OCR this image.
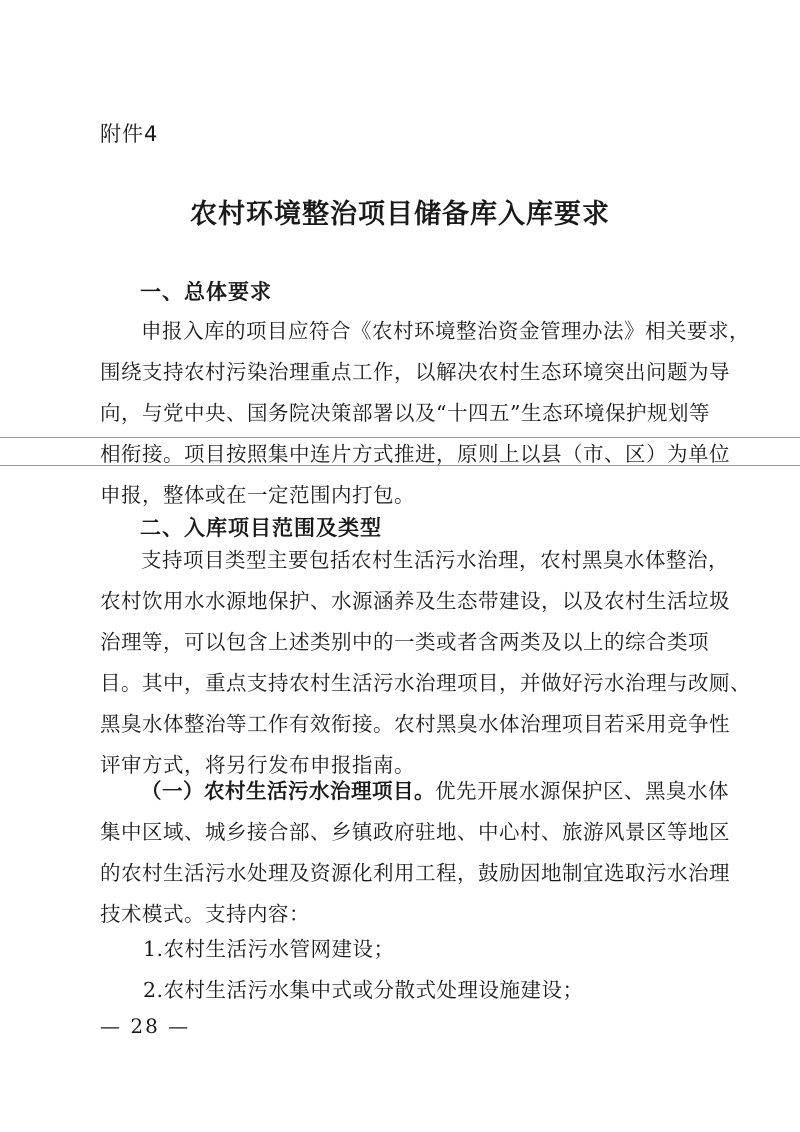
附件4
农村环境整治项目储备库入库要求
一、总体要求
申报入库的项目应符合《农村环境整治资金管理办法》相关要求，
围绕支持农村污染治理重点工作，以解决农村生态环境突出问题为导
向，与党中央、国务院决策部署以及“十四五”生态环境保护规划等
相衔接。项目按照集中连片方式推进，原则上以县（市、区）为单位
申报，整体或在一定范围内打包。
二、入库项目范围及类型
支持项目类型主要包括农村生活污水治理，农村黑臭水体整治，
农村饮用水水源地保护、水源涵养及生态带建设，以及农村生活垃圾
治理等，可以包含上述类别中的一类或者含两类及以上的综合类项
目。其中，重点支持农村生活污水治理项目，并做好污水治理与改厕、
黑臭水体整治等工作有效衔接。农村黑臭水体治理项目若采用竞争性
评审方式，将另行发布申报指南。
（一）农村生活污水治理项目。优先开展水源保护区、黑臭水体
集中区域、城乡接合部、乡镇政府驻地、中心村、旅游风景区等地区
的农村生活污水处理及资源化利用工程，鼓励因地制宜选取污水治理
技术模式。支持内容：
1.农村生活污水管网建设；
2.农村生活污水集中式或分散式处理设施建设；
— 28 —
